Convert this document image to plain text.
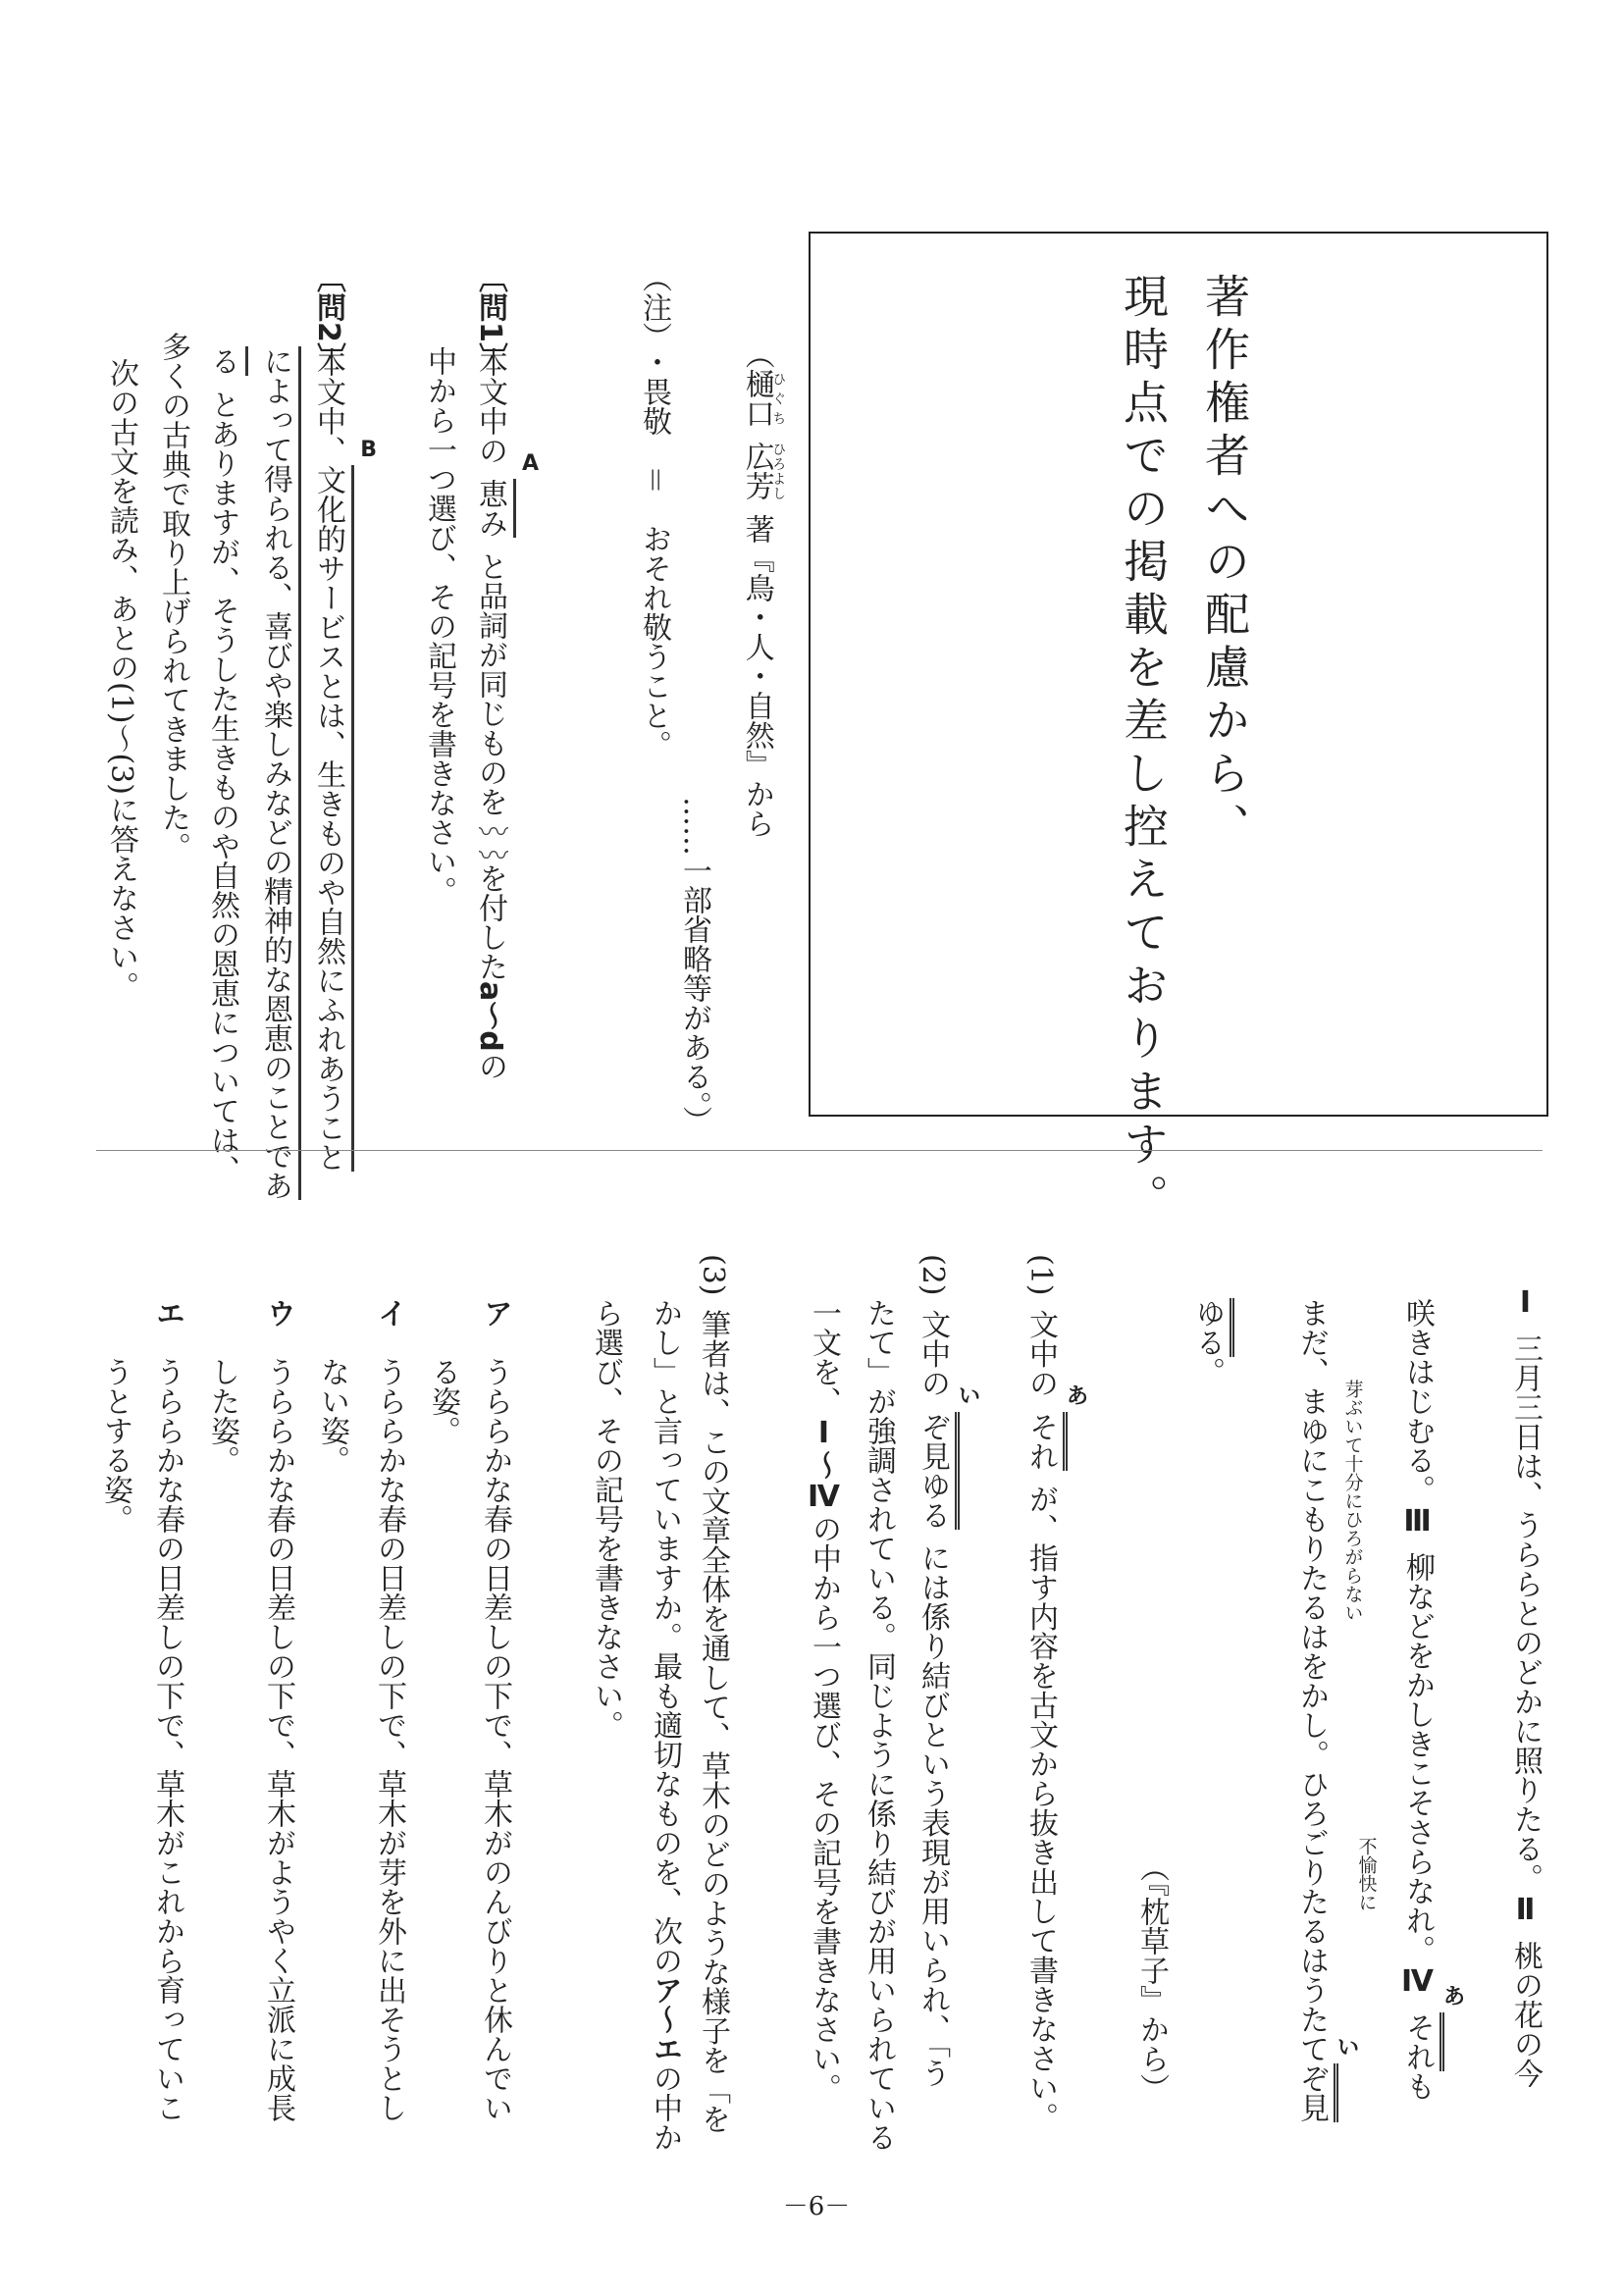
著作権者への配慮から、
現時点での掲載を差し控えております。
（樋口ひぐち広芳ひろよし著『鳥・人・自然』から
……一部省略等がある。）
（注）・畏敬　＝　おそれ敬うこと。
〔問1〕本文中の A
恵みと品詞が同じものを〰〰を付したa～dの
中から一つ選び、その記号を書きなさい。
〔問2〕本文中、 B
文化的サービスとは、生きものや自然にふれあうこと
によって得られる、喜びや楽しみなどの精神的な恩恵のことであ
るとありますが、そうした生きものや自然の恩恵については、
多くの古典で取り上げられてきました。
次の古文を読み、あとの(1)～(3)に答えなさい。
Ⅰ三月三日は、うららとのどかに照りたる。Ⅱ桃の花の今
咲きはじむる。Ⅲ柳などをかしきこそさらなれ。Ⅳ あ
それも
芽ぶいて十分にひろがらない
不愉快に
まだ、まゆにこもりたるはをかし。ひろごりたるはうたて い
ぞ見
ゆる。
（『枕草子』から）
(1)文中の あ
それが、指す内容を古文から抜き出して書きなさい。
(2)文中の い
ぞ見ゆるには係り結びという表現が用いられ、「う
たて」が強調されている。同じように係り結びが用いられている
一文を、Ⅰ～Ⅳの中から一つ選び、その記号を書きなさい。
(3)筆者は、この文章全体を通して、草木のどのような様子を「を
かし」と言っていますか。最も適切なものを、次のア～エの中か
ら選び、その記号を書きなさい。
アうららかな春の日差しの下で、草木がのんびりと休んでい
る姿。
イうららかな春の日差しの下で、草木が芽を外に出そうとし
ない姿。
ウうららかな春の日差しの下で、草木がようやく立派に成長
した姿。
エうららかな春の日差しの下で、草木がこれから育っていこ
うとする姿。
－6－
